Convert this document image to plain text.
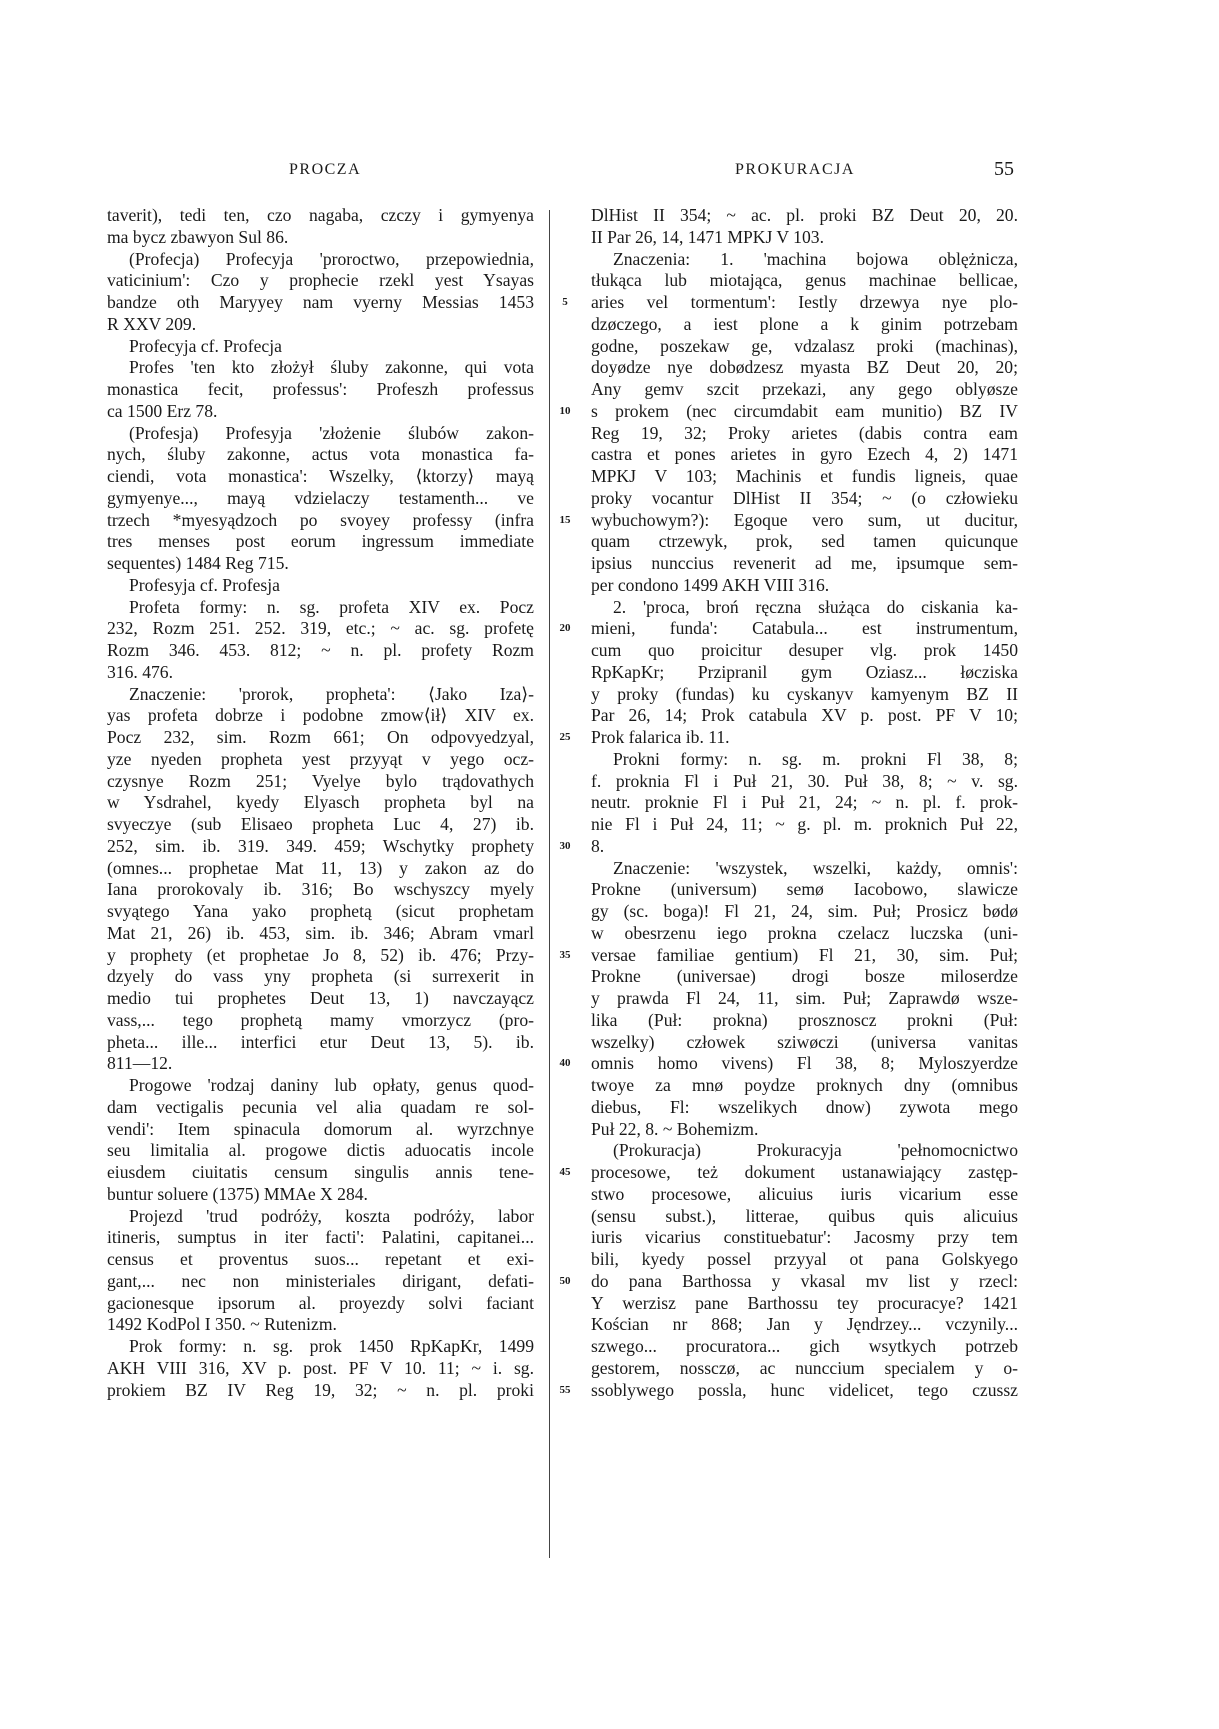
PROCZA	PROKURACJA	55
taverit), tedi ten, czo nagaba, czczy i gymyenya
ma bycz zbawyon Sul 86.
(Profecja) Profecyja 'proroctwo, przepowiednia,
vaticinium': Czo y prophecie rzekl yest Ysayas
bandze oth Maryyey nam vyerny Messias 1453
R XXV 209.
Profecyja cf. Profecja
Profes 'ten kto złożył śluby zakonne, qui vota
monastica fecit, professus': Profeszh professus
ca 1500 Erz 78.
(Profesja) Profesyja 'złożenie ślubów zakon-
nych, śluby zakonne, actus vota monastica fa-
ciendi, vota monastica': Wszelky, ⟨ktorzy⟩ mayą
gymyenye..., mayą vdzielaczy testamenth... ve
trzech *myesyądzoch po svoyey professy (infra
tres menses post eorum ingressum immediate
sequentes) 1484 Reg 715.
Profesyja cf. Profesja
Profeta formy: n. sg. profeta XIV ex. Pocz
232, Rozm 251. 252. 319, etc.; ~ ac. sg. profetę
Rozm 346. 453. 812; ~ n. pl. profety Rozm
316. 476.
Znaczenie: 'prorok, propheta': ⟨Jako Iza⟩-
yas profeta dobrze i podobne zmow⟨ił⟩ XIV ex.
Pocz 232, sim. Rozm 661; On odpovyedzyal,
yze nyeden propheta yest przyyąt v yego ocz-
czysnye Rozm 251; Vyelye bylo trądovathych
w Ysdrahel, kyedy Elyasch propheta byl na
svyeczye (sub Elisaeo propheta Luc 4, 27) ib.
252, sim. ib. 319. 349. 459; Wschytky prophety
(omnes... prophetae Mat 11, 13) y zakon az do
Iana prorokovaly ib. 316; Bo wschyszcy myely
svyątego Yana yako prophetą (sicut prophetam
Mat 21, 26) ib. 453, sim. ib. 346; Abram vmarl
y prophety (et prophetae Jo 8, 52) ib. 476; Przy-
dzyely do vass yny propheta (si surrexerit in
medio tui prophetes Deut 13, 1) navczayącz
vass,... tego prophetą mamy vmorzycz (pro-
pheta... ille... interfici etur Deut 13, 5). ib.
811—12.
Progowe 'rodzaj daniny lub opłaty, genus quod-
dam vectigalis pecunia vel alia quadam re sol-
vendi': Item spinacula domorum al. wyrzchnye
seu limitalia al. progowe dictis aduocatis incole
eiusdem ciuitatis censum singulis annis tene-
buntur soluere (1375) MMAe X 284.
Projezd 'trud podróży, koszta podróży, labor
itineris, sumptus in iter facti': Palatini, capitanei...
census et proventus suos... repetant et exi-
gant,... nec non ministeriales dirigant, defati-
gacionesque ipsorum al. proyezdy solvi faciant
1492 KodPol I 350. ~ Rutenizm.
Prok formy: n. sg. prok 1450 RpKapKr, 1499
AKH VIII 316, XV p. post. PF V 10. 11; ~ i. sg.
prokiem BZ IV Reg 19, 32; ~ n. pl. proki
5
10
15
20
25
30
35
40
45
50
55
DlHist II 354; ~ ac. pl. proki BZ Deut 20, 20.
II Par 26, 14, 1471 MPKJ V 103.
Znaczenia: 1. 'machina bojowa oblężnicza,
tłukąca lub miotająca, genus machinae bellicae,
aries vel tormentum': Iestly drzewya nye plo-
dzøczego, a iest plone a k ginim potrzebam
godne, poszekaw ge, vdzalasz proki (machinas),
doyødze nye dobødzesz myasta BZ Deut 20, 20;
Any gemv szcit przekazi, any gego oblyøsze
s prokem (nec circumdabit eam munitio) BZ IV
Reg 19, 32; Proky arietes (dabis contra eam
castra et pones arietes in gyro Ezech 4, 2) 1471
MPKJ V 103; Machinis et fundis ligneis, quae
proky vocantur DlHist II 354; ~ (o człowieku
wybuchowym?): Egoque vero sum, ut ducitur,
quam ctrzewyk, prok, sed tamen quicunque
ipsius nunccius revenerit ad me, ipsumque sem-
per condono 1499 AKH VIII 316.
2. 'proca, broń ręczna służąca do ciskania ka-
mieni, funda': Catabula... est instrumentum,
cum quo proicitur desuper vlg. prok 1450
RpKapKr; Przipranil gym Oziasz... łøcziska
y proky (fundas) ku cyskanyv kamyenym BZ II
Par 26, 14; Prok catabula XV p. post. PF V 10;
Prok falarica ib. 11.
Prokni formy: n. sg. m. prokni Fl 38, 8;
f. proknia Fl i Puł 21, 30. Puł 38, 8; ~ v. sg.
neutr. proknie Fl i Puł 21, 24; ~ n. pl. f. prok-
nie Fl i Puł 24, 11; ~ g. pl. m. proknich Puł 22,
8.
Znaczenie: 'wszystek, wszelki, każdy, omnis':
Prokne (universum) semø Iacobowo, slawicze
gy (sc. boga)! Fl 21, 24, sim. Puł; Prosicz bødø
w obesrzenu iego prokna czelacz luczska (uni-
versae familiae gentium) Fl 21, 30, sim. Puł;
Prokne (universae) drogi bosze miloserdze
y prawda Fl 24, 11, sim. Puł; Zaprawdø wsze-
lika (Puł: prokna) prosznoscz prokni (Puł:
wszelky) człowek sziwøczi (universa vanitas
omnis homo vivens) Fl 38, 8; Myloszyerdze
twoye za mnø poydze proknych dny (omnibus
diebus, Fl: wszelikych dnow) zywota mego
Puł 22, 8. ~ Bohemizm.
(Prokuracja) Prokuracyja 'pełnomocnictwo
procesowe, też dokument ustanawiający zastęp-
stwo procesowe, alicuius iuris vicarium esse
(sensu subst.), litterae, quibus quis alicuius
iuris vicarius constituebatur': Jacosmy przy tem
bili, kyedy possel przyyal ot pana Golskyego
do pana Barthossa y vkasal mv list y rzecl:
Y werzisz pane Barthossu tey procuracye? 1421
Kościan nr 868; Jan y Jęndrzey... vczynily...
szwego... procuratora... gich wsytkych potrzeb
gestorem, nossczø, ac nunccium specialem y o-
ssoblywego possla, hunc videlicet, tego czussz
